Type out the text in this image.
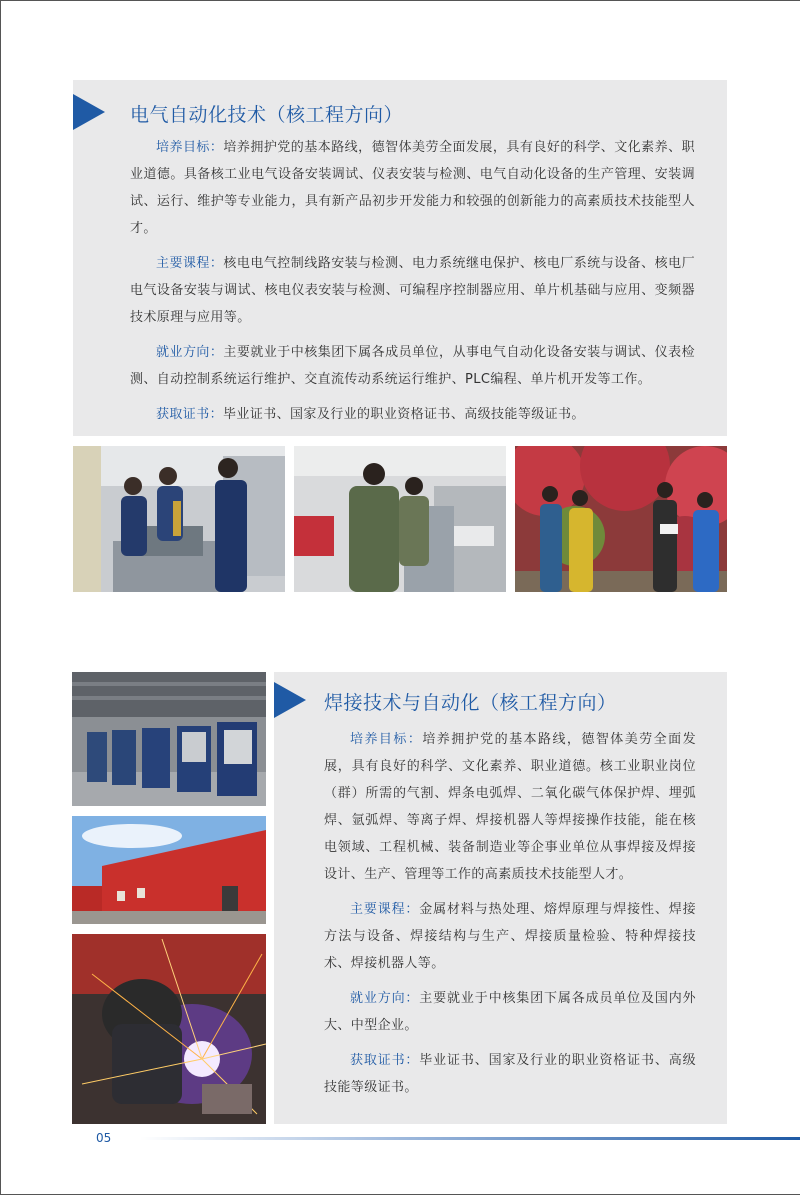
电气自动化技术（核工程方向）

培养目标：培养拥护党的基本路线，德智体美劳全面发展，具有良好的科学、文化素养、职业道德。具备核工业电气设备安装调试、仪表安装与检测、电气自动化设备的生产管理、安装调试、运行、维护等专业能力，具有新产品初步开发能力和较强的创新能力的高素质技术技能型人才。

主要课程：核电电气控制线路安装与检测、电力系统继电保护、核电厂系统与设备、核电厂电气设备安装与调试、核电仪表安装与检测、可编程序控制器应用、单片机基础与应用、变频器技术原理与应用等。

就业方向：主要就业于中核集团下属各成员单位，从事电气自动化设备安装与调试、仪表检测、自动控制系统运行维护、交直流传动系统运行维护、PLC编程、单片机开发等工作。

获取证书：毕业证书、国家及行业的职业资格证书、高级技能等级证书。

焊接技术与自动化（核工程方向）

培养目标：培养拥护党的基本路线，德智体美劳全面发展，具有良好的科学、文化素养、职业道德。核工业职业岗位（群）所需的气割、焊条电弧焊、二氧化碳气体保护焊、埋弧焊、氩弧焊、等离子焊、焊接机器人等焊接操作技能，能在核电领域、工程机械、装备制造业等企事业单位从事焊接及焊接设计、生产、管理等工作的高素质技术技能型人才。

主要课程：金属材料与热处理、熔焊原理与焊接性、焊接方法与设备、焊接结构与生产、焊接质量检验、特种焊接技术、焊接机器人等。

就业方向：主要就业于中核集团下属各成员单位及国内外大、中型企业。

获取证书：毕业证书、国家及行业的职业资格证书、高级技能等级证书。

05
